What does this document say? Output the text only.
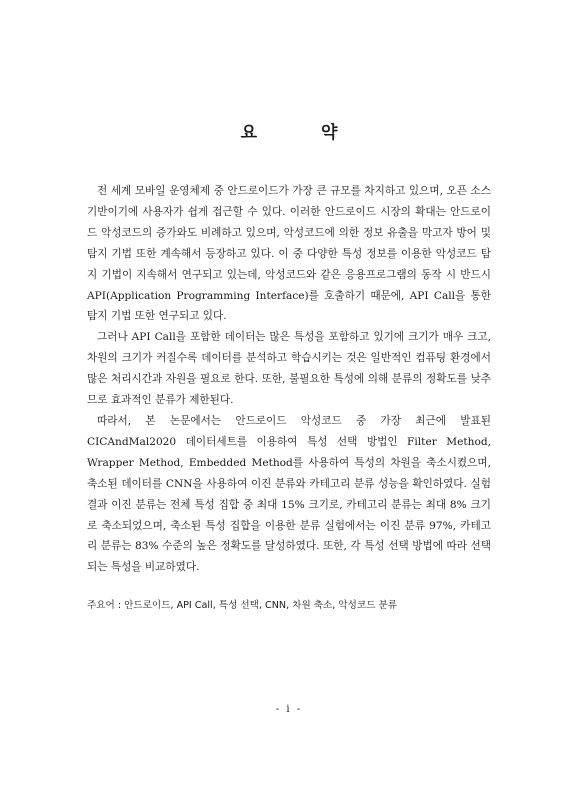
요약

전 세계 모바일 운영체제 중 안드로이드가 가장 큰 규모를 차지하고 있으며, 오픈 소스 기반이기에 사용자가 쉽게 접근할 수 있다. 이러한 안드로이드 시장의 확대는 안드로이드 악성코드의 증가와도 비례하고 있으며, 악성코드에 의한 정보 유출을 막고자 방어 및 탐지 기법 또한 계속해서 등장하고 있다. 이 중 다양한 특성 정보를 이용한 악성코드 탐지 기법이 지속해서 연구되고 있는데, 악성코드와 같은 응용프로그램의 동작 시 반드시 API(Application Programming Interface)를 호출하기 때문에, API Call을 통한 탐지 기법 또한 연구되고 있다.

그러나 API Call을 포함한 데이터는 많은 특성을 포함하고 있기에 크기가 매우 크고, 차원의 크기가 커질수록 데이터를 분석하고 학습시키는 것은 일반적인 컴퓨팅 환경에서 많은 처리시간과 자원을 필요로 한다. 또한, 불필요한 특성에 의해 분류의 정확도를 낮추므로 효과적인 분류가 제한된다.

따라서, 본 논문에서는 안드로이드 악성코드 중 가장 최근에 발표된 CICAndMal2020 데이터세트를 이용하여 특성 선택 방법인 Filter Method, Wrapper Method, Embedded Method를 사용하여 특성의 차원을 축소시켰으며, 축소된 데이터를 CNN을 사용하여 이진 분류와 카테고리 분류 성능을 확인하였다. 실험 결과 이진 분류는 전체 특성 집합 중 최대 15% 크기로, 카테고리 분류는 최대 8% 크기로 축소되었으며, 축소된 특성 집합을 이용한 분류 실험에서는 이진 분류 97%, 카테고리 분류는 83% 수준의 높은 정확도를 달성하였다. 또한, 각 특성 선택 방법에 따라 선택되는 특성을 비교하였다.

주요어 : 안드로이드, API Call, 특성 선택, CNN, 차원 축소, 악성코드 분류
- i -
